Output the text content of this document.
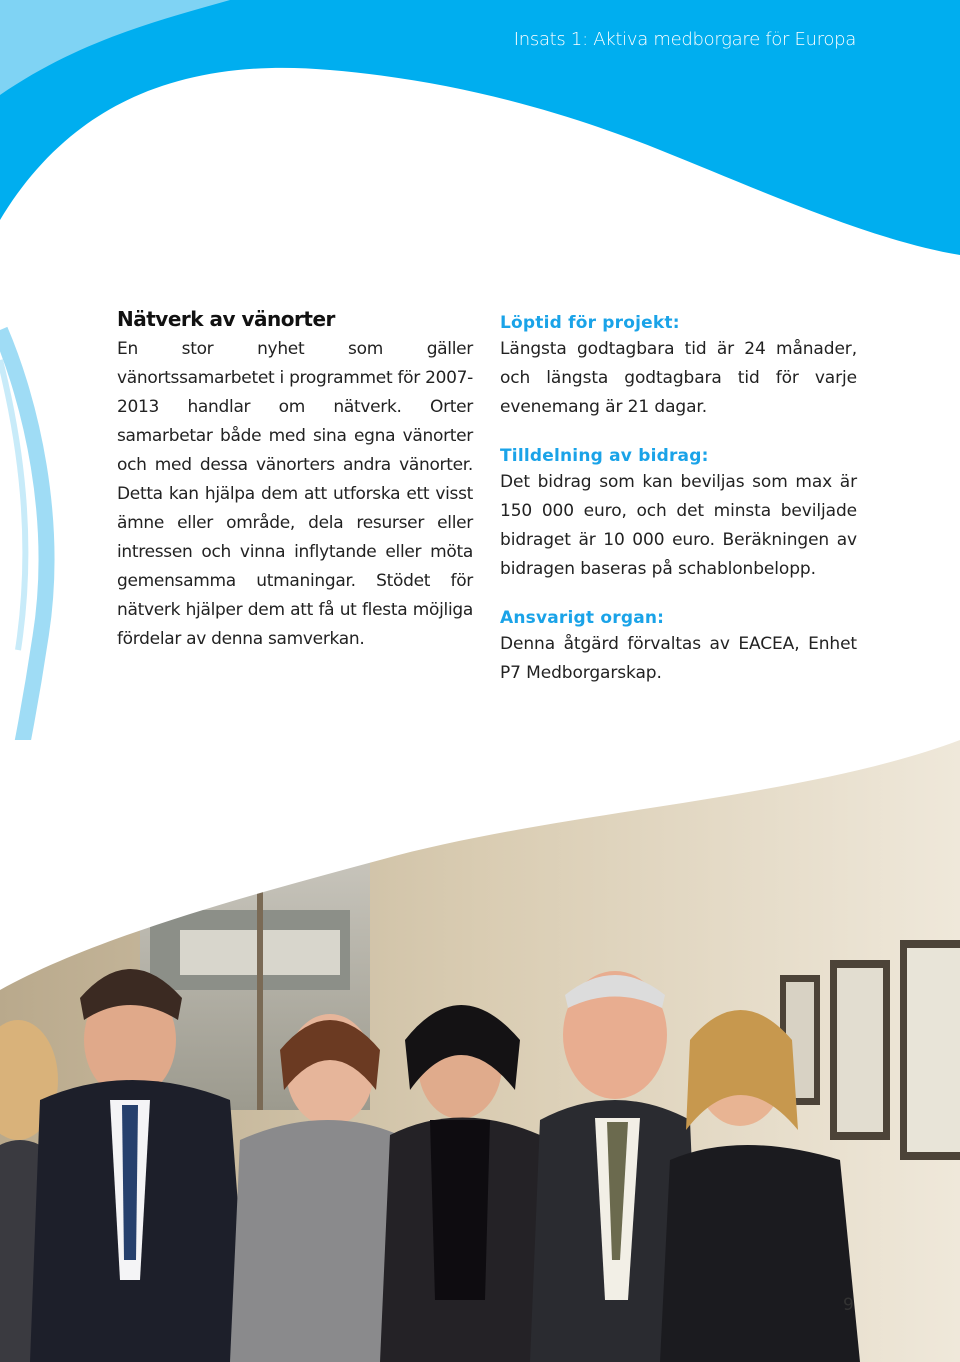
Insats 1: Aktiva medborgare för Europa
Nätverk av vänorter

En stor nyhet som gäller vänortssamarbetet i programmet för 2007-2013 handlar om nätverk. Orter samarbetar både med sina egna vänorter och med dessa vänorters andra vänorter. Detta kan hjälpa dem att utforska ett visst ämne eller område, dela resurser eller intressen och vinna inflytande eller möta gemensamma utmaningar. Stödet för nätverk hjälper dem att få ut flesta möjliga fördelar av denna samverkan.

Löptid för projekt:

Längsta godtagbara tid är 24 månader, och längsta godtagbara tid för varje evenemang är 21 dagar.

Tilldelning av bidrag:

Det bidrag som kan beviljas som max är 150 000 euro, och det minsta beviljade bidraget är 10 000 euro. Beräkningen av bidragen baseras på schablonbelopp.

Ansvarigt organ:

Denna åtgärd förvaltas av EACEA, Enhet P7 Medborgarskap.

9
